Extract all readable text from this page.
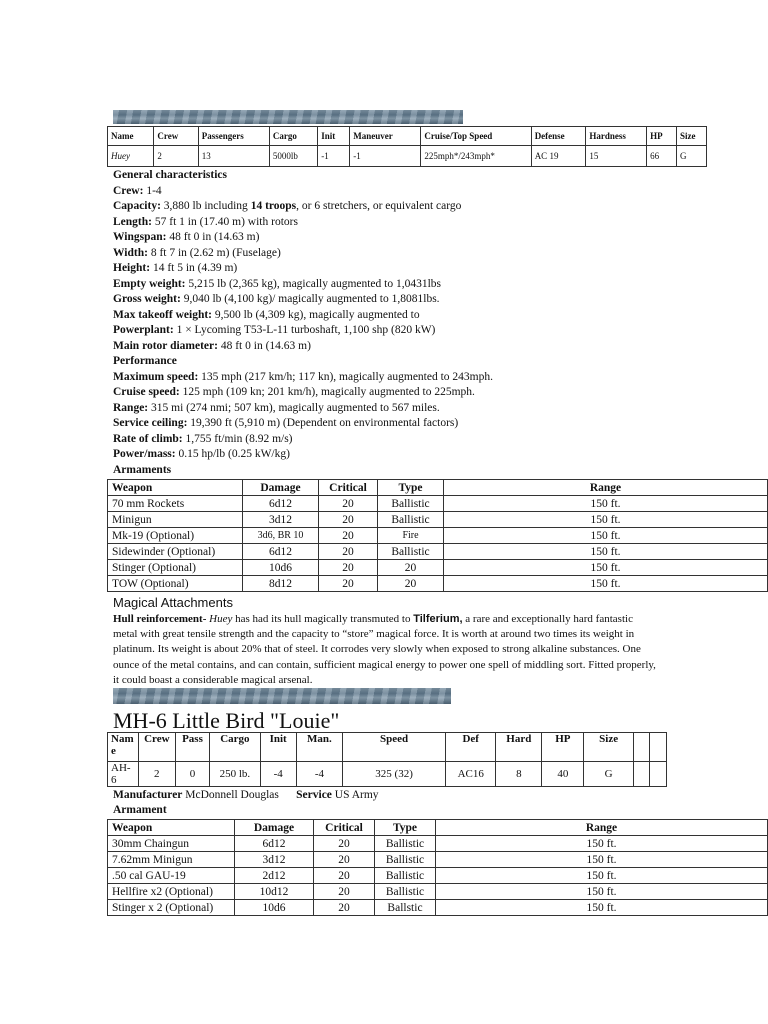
Name	Crew	Passengers	Cargo	Init	Maneuver	Cruise/Top Speed	Defense	Hardness	HP	Size
Huey	2	13	5000lb	-1	-1	225mph*/243mph*	AC 19	15	66	G

General characteristics

Crew: 1-4

Capacity: 3,880 lb including 14 troops, or 6 stretchers, or equivalent cargo

Length: 57 ft 1 in (17.40 m) with rotors

Wingspan: 48 ft 0 in (14.63 m)

Width: 8 ft 7 in (2.62 m) (Fuselage)

Height: 14 ft 5 in (4.39 m)

Empty weight: 5,215 lb (2,365 kg), magically augmented to 1,0431lbs

Gross weight: 9,040 lb (4,100 kg)/ magically augmented to 1,8081lbs.

Max takeoff weight: 9,500 lb (4,309 kg), magically augmented to

Powerplant: 1 × Lycoming T53-L-11 turboshaft, 1,100 shp (820 kW)

Main rotor diameter: 48 ft 0 in (14.63 m)

Performance

Maximum speed: 135 mph (217 km/h; 117 kn), magically augmented to 243mph.

Cruise speed: 125 mph (109 kn; 201 km/h), magically augmented to 225mph.

Range: 315 mi (274 nmi; 507 km), magically augmented to 567 miles.

Service ceiling: 19,390 ft (5,910 m) (Dependent on environmental factors)

Rate of climb: 1,755 ft/min (8.92 m/s)

Power/mass: 0.15 hp/lb (0.25 kW/kg)

Armaments

Weapon	Damage	Critical	Type	Range
70 mm Rockets	6d12	20	Ballistic	150 ft.
Minigun	3d12	20	Ballistic	150 ft.
Mk-19 (Optional)	3d6, BR 10	20	Fire	150 ft.
Sidewinder (Optional)	6d12	20	Ballistic	150 ft.
Stinger (Optional)	10d6	20	20	150 ft.
TOW (Optional)	8d12	20	20	150 ft.
Magical Attachments
Hull reinforcement- Huey has had its hull magically transmuted to Tilferium, a rare and exceptionally hard fantastic metal with great tensile strength and the capacity to “store” magical force. It is worth at around two times its weight in platinum. Its weight is about 20% that of steel. It corrodes very slowly when exposed to strong alkaline substances. One ounce of the metal contains, and can contain, sufficient magical energy to power one spell of middling sort. Fitted properly, it could boast a considerable magical arsenal.
MH-6 Little Bird "Louie"
Nam e	Crew	Pass	Cargo	Init	Man.	Speed	Def	Hard	HP	Size		
AH-6	2	0	250 lb.	-4	-4	325 (32)	AC16	8	40	G		

Manufacturer McDonnell Douglas Service US Army

Armament

Weapon	Damage	Critical	Type	Range
30mm Chaingun	6d12	20	Ballistic	150 ft.
7.62mm Minigun	3d12	20	Ballistic	150 ft.
.50 cal GAU-19	2d12	20	Ballistic	150 ft.
Hellfire x2 (Optional)	10d12	20	Ballistic	150 ft.
Stinger x 2 (Optional)	10d6	20	Ballstic	150 ft.
